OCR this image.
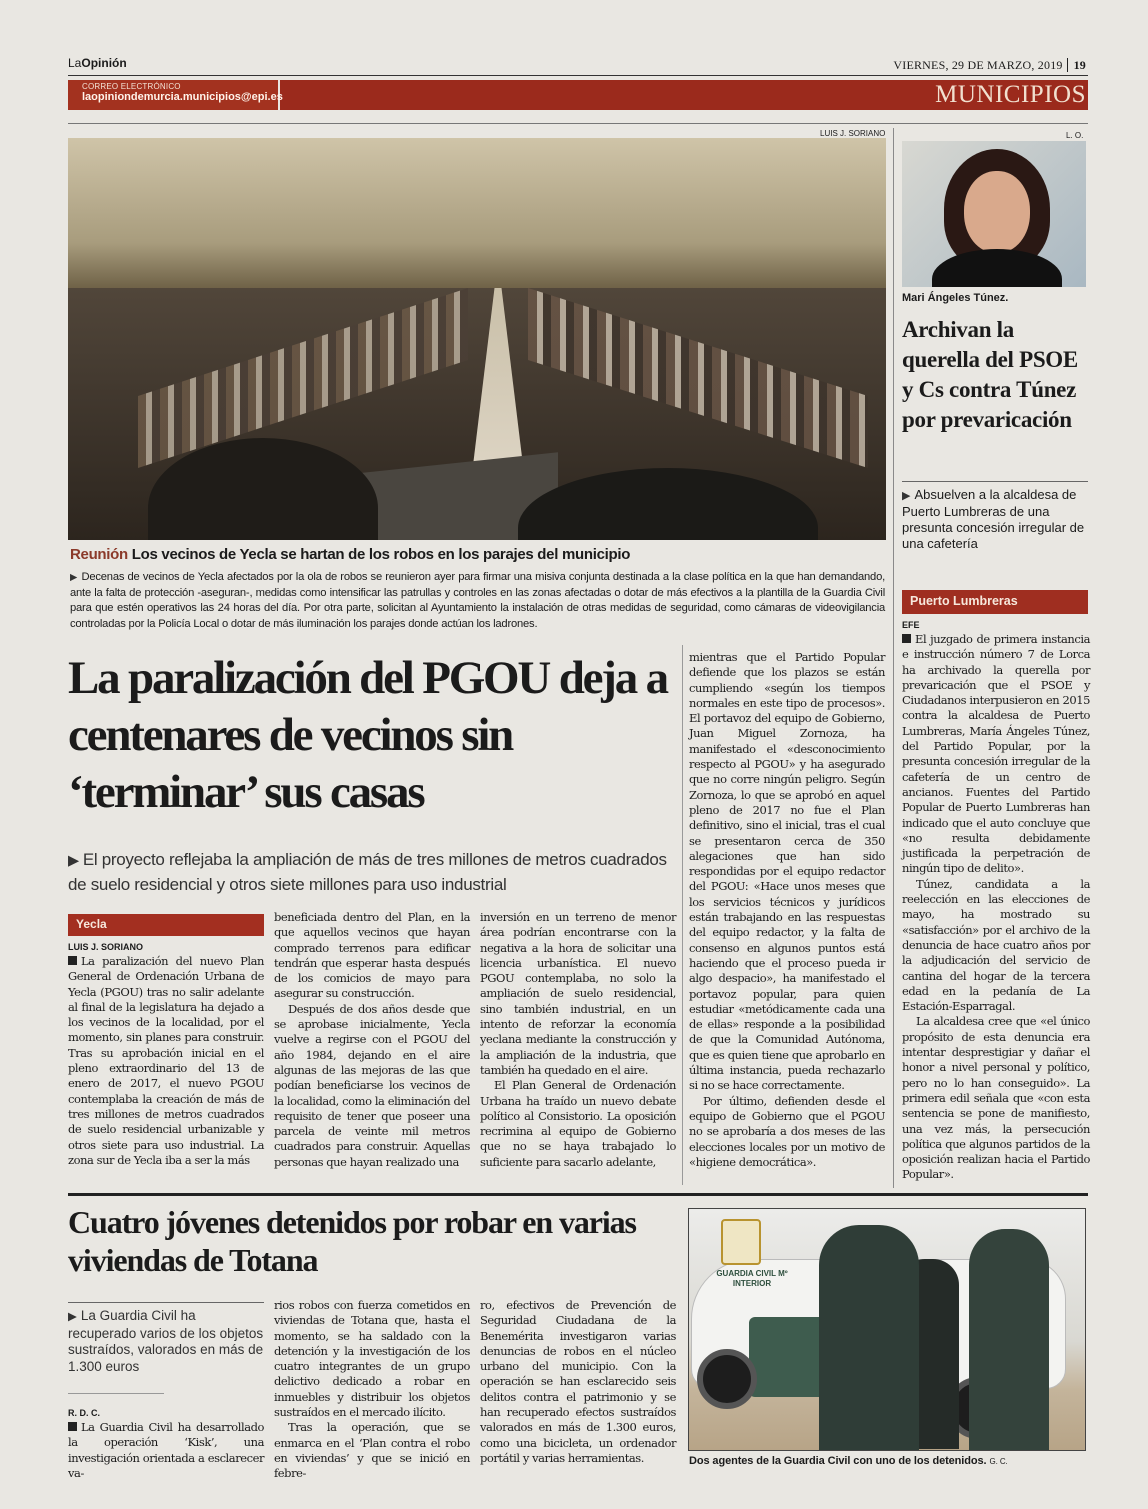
LaOpinión	VIERNES, 29 DE MARZO, 2019 19
CORREO ELECTRÓNICO
laopiniondemurcia.municipios@epi.es	MUNICIPIOS
LUIS J. SORIANO
Reunión Los vecinos de Yecla se hartan de los robos en los parajes del municipio
▶ Decenas de vecinos de Yecla afectados por la ola de robos se reunieron ayer para firmar una misiva conjunta destinada a la clase política en la que han demandando, ante la falta de protección -aseguran-, medidas como intensificar las patrullas y controles en las zonas afectadas o dotar de más efectivos a la plantilla de la Guardia Civil para que estén operativos las 24 horas del día. Por otra parte, solicitan al Ayuntamiento la instalación de otras medidas de seguridad, como cámaras de videovigilancia controladas por la Policía Local o dotar de más iluminación los parajes donde actúan los ladrones.
L. O.
Mari Ángeles Túnez.
Archivan la querella del PSOE y Cs contra Túnez por prevaricación
▶ Absuelven a la alcaldesa de Puerto Lumbreras de una presunta concesión irregular de una cafetería
Puerto Lumbreras
EFE

El juzgado de primera instancia e instrucción número 7 de Lorca ha archivado la querella por prevaricación que el PSOE y Ciudadanos interpusieron en 2015 contra la alcaldesa de Puerto Lumbreras, María Ángeles Túnez, del Partido Popular, por la presunta concesión irregular de la cafetería de un centro de ancianos. Fuentes del Partido Popular de Puerto Lumbreras han indicado que el auto concluye que «no resulta debidamente justificada la perpetración de ningún tipo de delito».

Túnez, candidata a la reelección en las elecciones de mayo, ha mostrado su «satisfacción» por el archivo de la denuncia de hace cuatro años por la adjudicación del servicio de cantina del hogar de la tercera edad en la pedanía de La Estación-Esparragal.

La alcaldesa cree que «el único propósito de esta denuncia era intentar desprestigiar y dañar el honor a nivel personal y político, pero no lo han conseguido». La primera edil señala que «con esta sentencia se pone de manifiesto, una vez más, la persecución política que algunos partidos de la oposición realizan hacia el Partido Popular».

La paralización del PGOU deja a centenares de vecinos sin ‘terminar’ sus casas
▶ El proyecto reflejaba la ampliación de más de tres millones de metros cuadrados de suelo residencial y otros siete millones para uso industrial
Yecla
LUIS J. SORIANO

La paralización del nuevo Plan General de Ordenación Urbana de Yecla (PGOU) tras no salir adelante al final de la legislatura ha dejado a los vecinos de la localidad, por el momento, sin planes para construir. Tras su aprobación inicial en el pleno extraordinario del 13 de enero de 2017, el nuevo PGOU contemplaba la creación de más de tres millones de metros cuadrados de suelo residencial urbanizable y otros siete para uso industrial. La zona sur de Yecla iba a ser la más

beneficiada dentro del Plan, en la que aquellos vecinos que hayan comprado terrenos para edificar tendrán que esperar hasta después de los comicios de mayo para asegurar su construcción.

Después de dos años desde que se aprobase inicialmente, Yecla vuelve a regirse con el PGOU del año 1984, dejando en el aire algunas de las mejoras de las que podían beneficiarse los vecinos de la localidad, como la eliminación del requisito de tener que poseer una parcela de veinte mil metros cuadrados para construir. Aquellas personas que hayan realizado una

inversión en un terreno de menor área podrían encontrarse con la negativa a la hora de solicitar una licencia urbanística. El nuevo PGOU contemplaba, no solo la ampliación de suelo residencial, sino también industrial, en un intento de reforzar la economía yeclana mediante la construcción y la ampliación de la industria, que también ha quedado en el aire.

El Plan General de Ordenación Urbana ha traído un nuevo debate político al Consistorio. La oposición recrimina al equipo de Gobierno que no se haya trabajado lo suficiente para sacarlo adelante,

mientras que el Partido Popular defiende que los plazos se están cumpliendo «según los tiempos normales en este tipo de procesos». El portavoz del equipo de Gobierno, Juan Miguel Zornoza, ha manifestado el «desconocimiento respecto al PGOU» y ha asegurado que no corre ningún peligro. Según Zornoza, lo que se aprobó en aquel pleno de 2017 no fue el Plan definitivo, sino el inicial, tras el cual se presentaron cerca de 350 alegaciones que han sido respondidas por el equipo redactor del PGOU: «Hace unos meses que los servicios técnicos y jurídicos están trabajando en las respuestas del equipo redactor, y la falta de consenso en algunos puntos está haciendo que el proceso pueda ir algo despacio», ha manifestado el portavoz popular, para quien estudiar «metódicamente cada una de ellas» responde a la posibilidad de que la Comunidad Autónoma, que es quien tiene que aprobarlo en última instancia, pueda rechazarlo si no se hace correctamente.

Por último, defienden desde el equipo de Gobierno que el PGOU no se aprobaría a dos meses de las elecciones locales por un motivo de «higiene democrática».

Cuatro jóvenes detenidos por robar en varias viviendas de Totana
▶ La Guardia Civil ha recuperado varios de los objetos sustraídos, valorados en más de 1.300 euros
R. D. C.

La Guardia Civil ha desarrollado la operación ‘Kisk’, una investigación orientada a esclarecer va-

rios robos con fuerza cometidos en viviendas de Totana que, hasta el momento, se ha saldado con la detención y la investigación de los cuatro integrantes de un grupo delictivo dedicado a robar en inmuebles y distribuir los objetos sustraídos en el mercado ilícito.

Tras la operación, que se enmarca en el ‘Plan contra el robo en viviendas’ y que se inició en febre-

ro, efectivos de Prevención de Seguridad Ciudadana de la Benemérita investigaron varias denuncias de robos en el núcleo urbano del municipio. Con la operación se han esclarecido seis delitos contra el patrimonio y se han recuperado efectos sustraídos valorados en más de 1.300 euros, como una bicicleta, un ordenador portátil y varias herramientas.

GUARDIA CIVIL Mº INTERIOR
Dos agentes de la Guardia Civil con uno de los detenidos. G. C.
